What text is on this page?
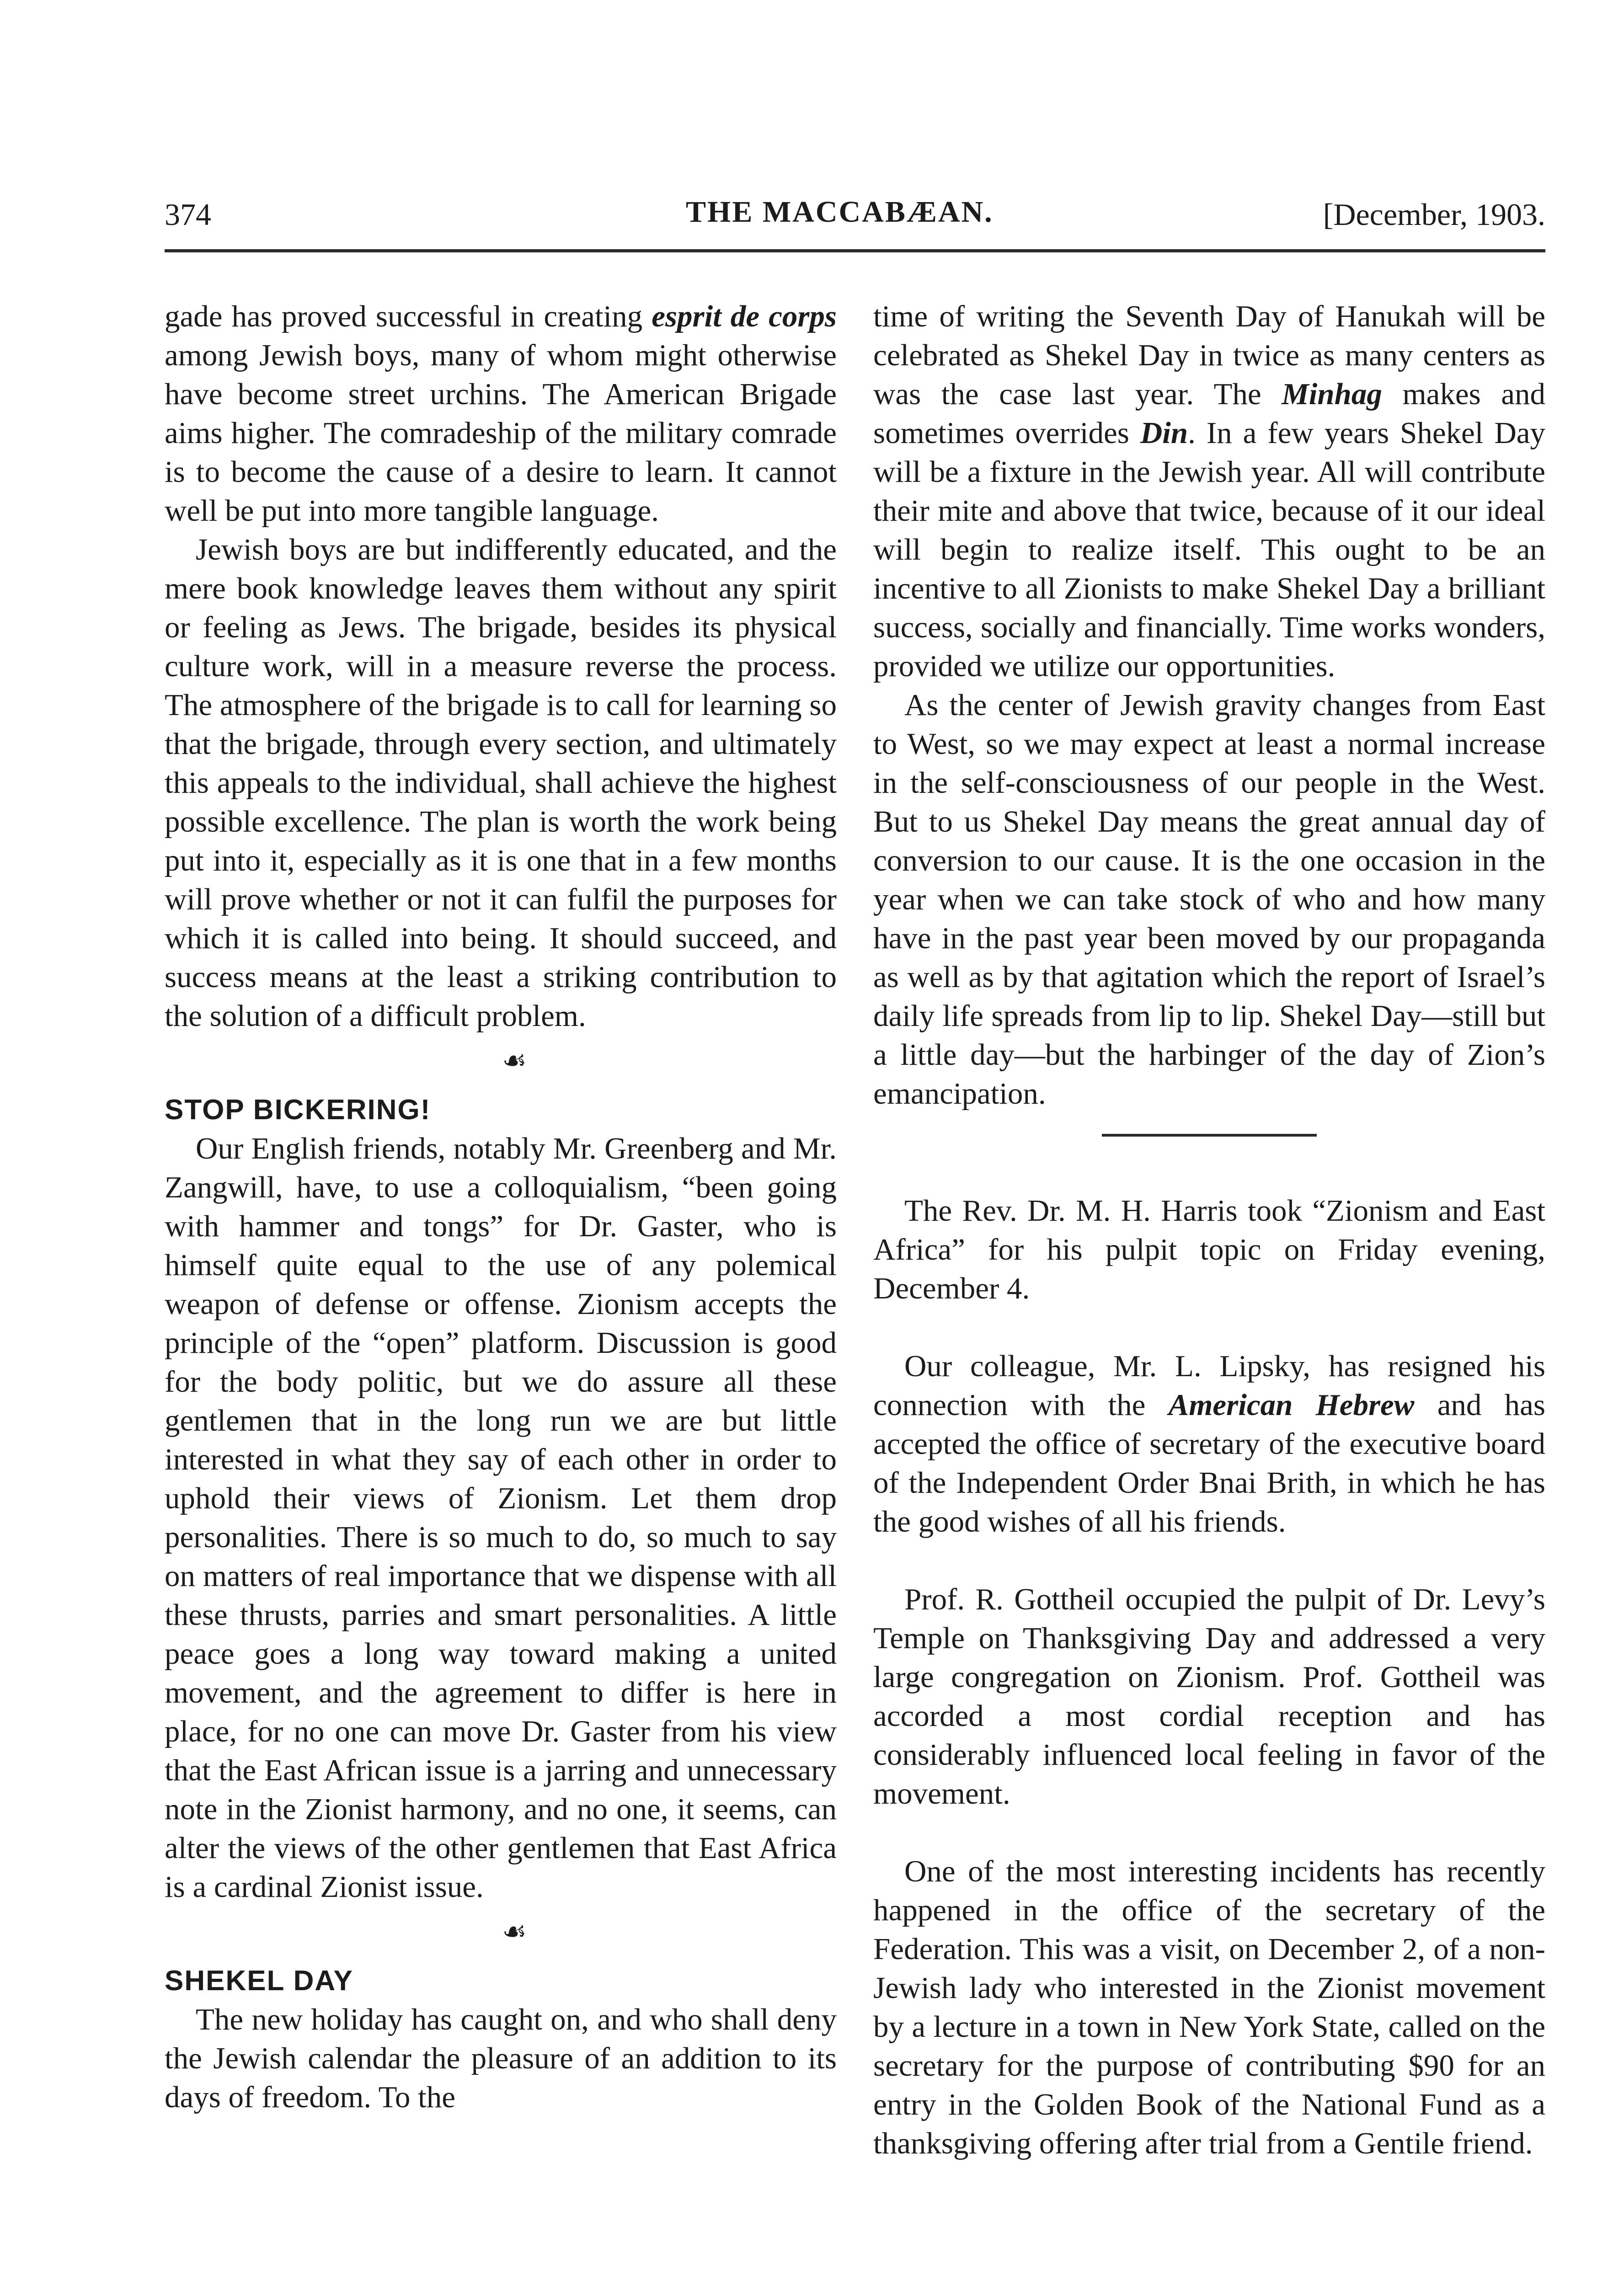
374	THE MACCABÆAN.	[December, 1903.

gade has proved successful in creating esprit de corps among Jewish boys, many of whom might otherwise have become street urchins. The American Brigade aims higher. The comradeship of the military comrade is to become the cause of a desire to learn. It cannot well be put into more tangible language.

Jewish boys are but indifferently educated, and the mere book knowledge leaves them without any spirit or feeling as Jews. The brigade, besides its physical culture work, will in a measure reverse the process. The atmosphere of the brigade is to call for learning so that the brigade, through every section, and ultimately this appeals to the individual, shall achieve the highest possible excellence. The plan is worth the work being put into it, especially as it is one that in a few months will prove whether or not it can fulfil the purposes for which it is called into being. It should succeed, and success means at the least a striking contribution to the solution of a difficult problem.

☙
STOP BICKERING!

Our English friends, notably Mr. Greenberg and Mr. Zangwill, have, to use a colloquialism, “been going with hammer and tongs” for Dr. Gaster, who is himself quite equal to the use of any polemical weapon of defense or offense. Zionism accepts the principle of the “open” platform. Discussion is good for the body politic, but we do assure all these gentlemen that in the long run we are but little interested in what they say of each other in order to uphold their views of Zionism. Let them drop personalities. There is so much to do, so much to say on matters of real importance that we dispense with all these thrusts, parries and smart personalities. A little peace goes a long way toward making a united movement, and the agreement to differ is here in place, for no one can move Dr. Gaster from his view that the East African issue is a jarring and unnecessary note in the Zionist harmony, and no one, it seems, can alter the views of the other gentlemen that East Africa is a cardinal Zionist issue.

☙
SHEKEL DAY

The new holiday has caught on, and who shall deny the Jewish calendar the pleasure of an addition to its days of freedom. To the

time of writing the Seventh Day of Hanukah will be celebrated as Shekel Day in twice as many centers as was the case last year. The Minhag makes and sometimes overrides Din. In a few years Shekel Day will be a fixture in the Jewish year. All will contribute their mite and above that twice, because of it our ideal will begin to realize itself. This ought to be an incentive to all Zionists to make Shekel Day a brilliant success, socially and financially. Time works wonders, provided we utilize our opportunities.

As the center of Jewish gravity changes from East to West, so we may expect at least a normal increase in the self-consciousness of our people in the West. But to us Shekel Day means the great annual day of conversion to our cause. It is the one occasion in the year when we can take stock of who and how many have in the past year been moved by our propaganda as well as by that agitation which the report of Israel’s daily life spreads from lip to lip. Shekel Day—still but a little day—but the harbinger of the day of Zion’s emancipation.

The Rev. Dr. M. H. Harris took “Zionism and East Africa” for his pulpit topic on Friday evening, December 4.

Our colleague, Mr. L. Lipsky, has resigned his connection with the American Hebrew and has accepted the office of secretary of the executive board of the Independent Order Bnai Brith, in which he has the good wishes of all his friends.

Prof. R. Gottheil occupied the pulpit of Dr. Levy’s Temple on Thanksgiving Day and addressed a very large congregation on Zionism. Prof. Gottheil was accorded a most cordial reception and has considerably influenced local feeling in favor of the movement.

One of the most interesting incidents has recently happened in the office of the secretary of the Federation. This was a visit, on December 2, of a non-Jewish lady who interested in the Zionist movement by a lecture in a town in New York State, called on the secretary for the purpose of contributing $90 for an entry in the Golden Book of the National Fund as a thanksgiving offering after trial from a Gentile friend.
